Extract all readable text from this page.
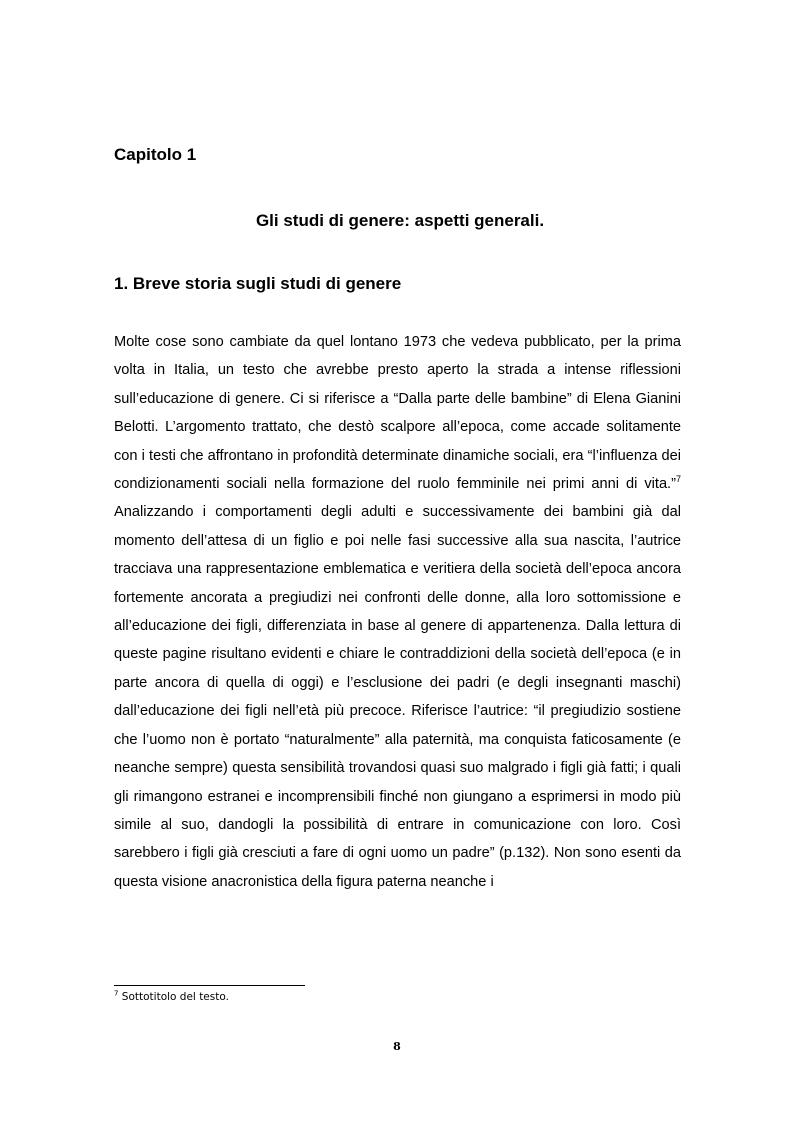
Capitolo 1
Gli studi di genere: aspetti generali.
1. Breve storia sugli studi di genere

Molte cose sono cambiate da quel lontano 1973 che vedeva pubblicato, per la prima volta in Italia, un testo che avrebbe presto aperto la strada a intense riflessioni sull’educazione di genere. Ci si riferisce a “Dalla parte delle bambine” di Elena Gianini Belotti. L’argomento trattato, che destò scalpore all’epoca, come accade solitamente con i testi che affrontano in profondità determinate dinamiche sociali, era “l’influenza dei condizionamenti sociali nella formazione del ruolo femminile nei primi anni di vita.”$^7$ Analizzando i comportamenti degli adulti e successivamente dei bambini già dal momento dell’attesa di un figlio e poi nelle fasi successive alla sua nascita, l’autrice tracciava una rappresentazione emblematica e veritiera della società dell’epoca ancora fortemente ancorata a pregiudizi nei confronti delle donne, alla loro sottomissione e all’educazione dei figli, differenziata in base al genere di appartenenza. Dalla lettura di queste pagine risultano evidenti e chiare le contraddizioni della società dell’epoca (e in parte ancora di quella di oggi) e l’esclusione dei padri (e degli insegnanti maschi) dall’educazione dei figli nell’età più precoce. Riferisce l’autrice: “il pregiudizio sostiene che l’uomo non è portato “naturalmente” alla paternità, ma conquista faticosamente (e neanche sempre) questa sensibilità trovandosi quasi suo malgrado i figli già fatti; i quali gli rimangono estranei e incomprensibili finché non giungano a esprimersi in modo più simile al suo, dandogli la possibilità di entrare in comunicazione con loro. Così sarebbero i figli già cresciuti a fare di ogni uomo un padre” (p.132). Non sono esenti da questa visione anacronistica della figura paterna neanche i

$^7$ Sottotitolo del testo.

8
